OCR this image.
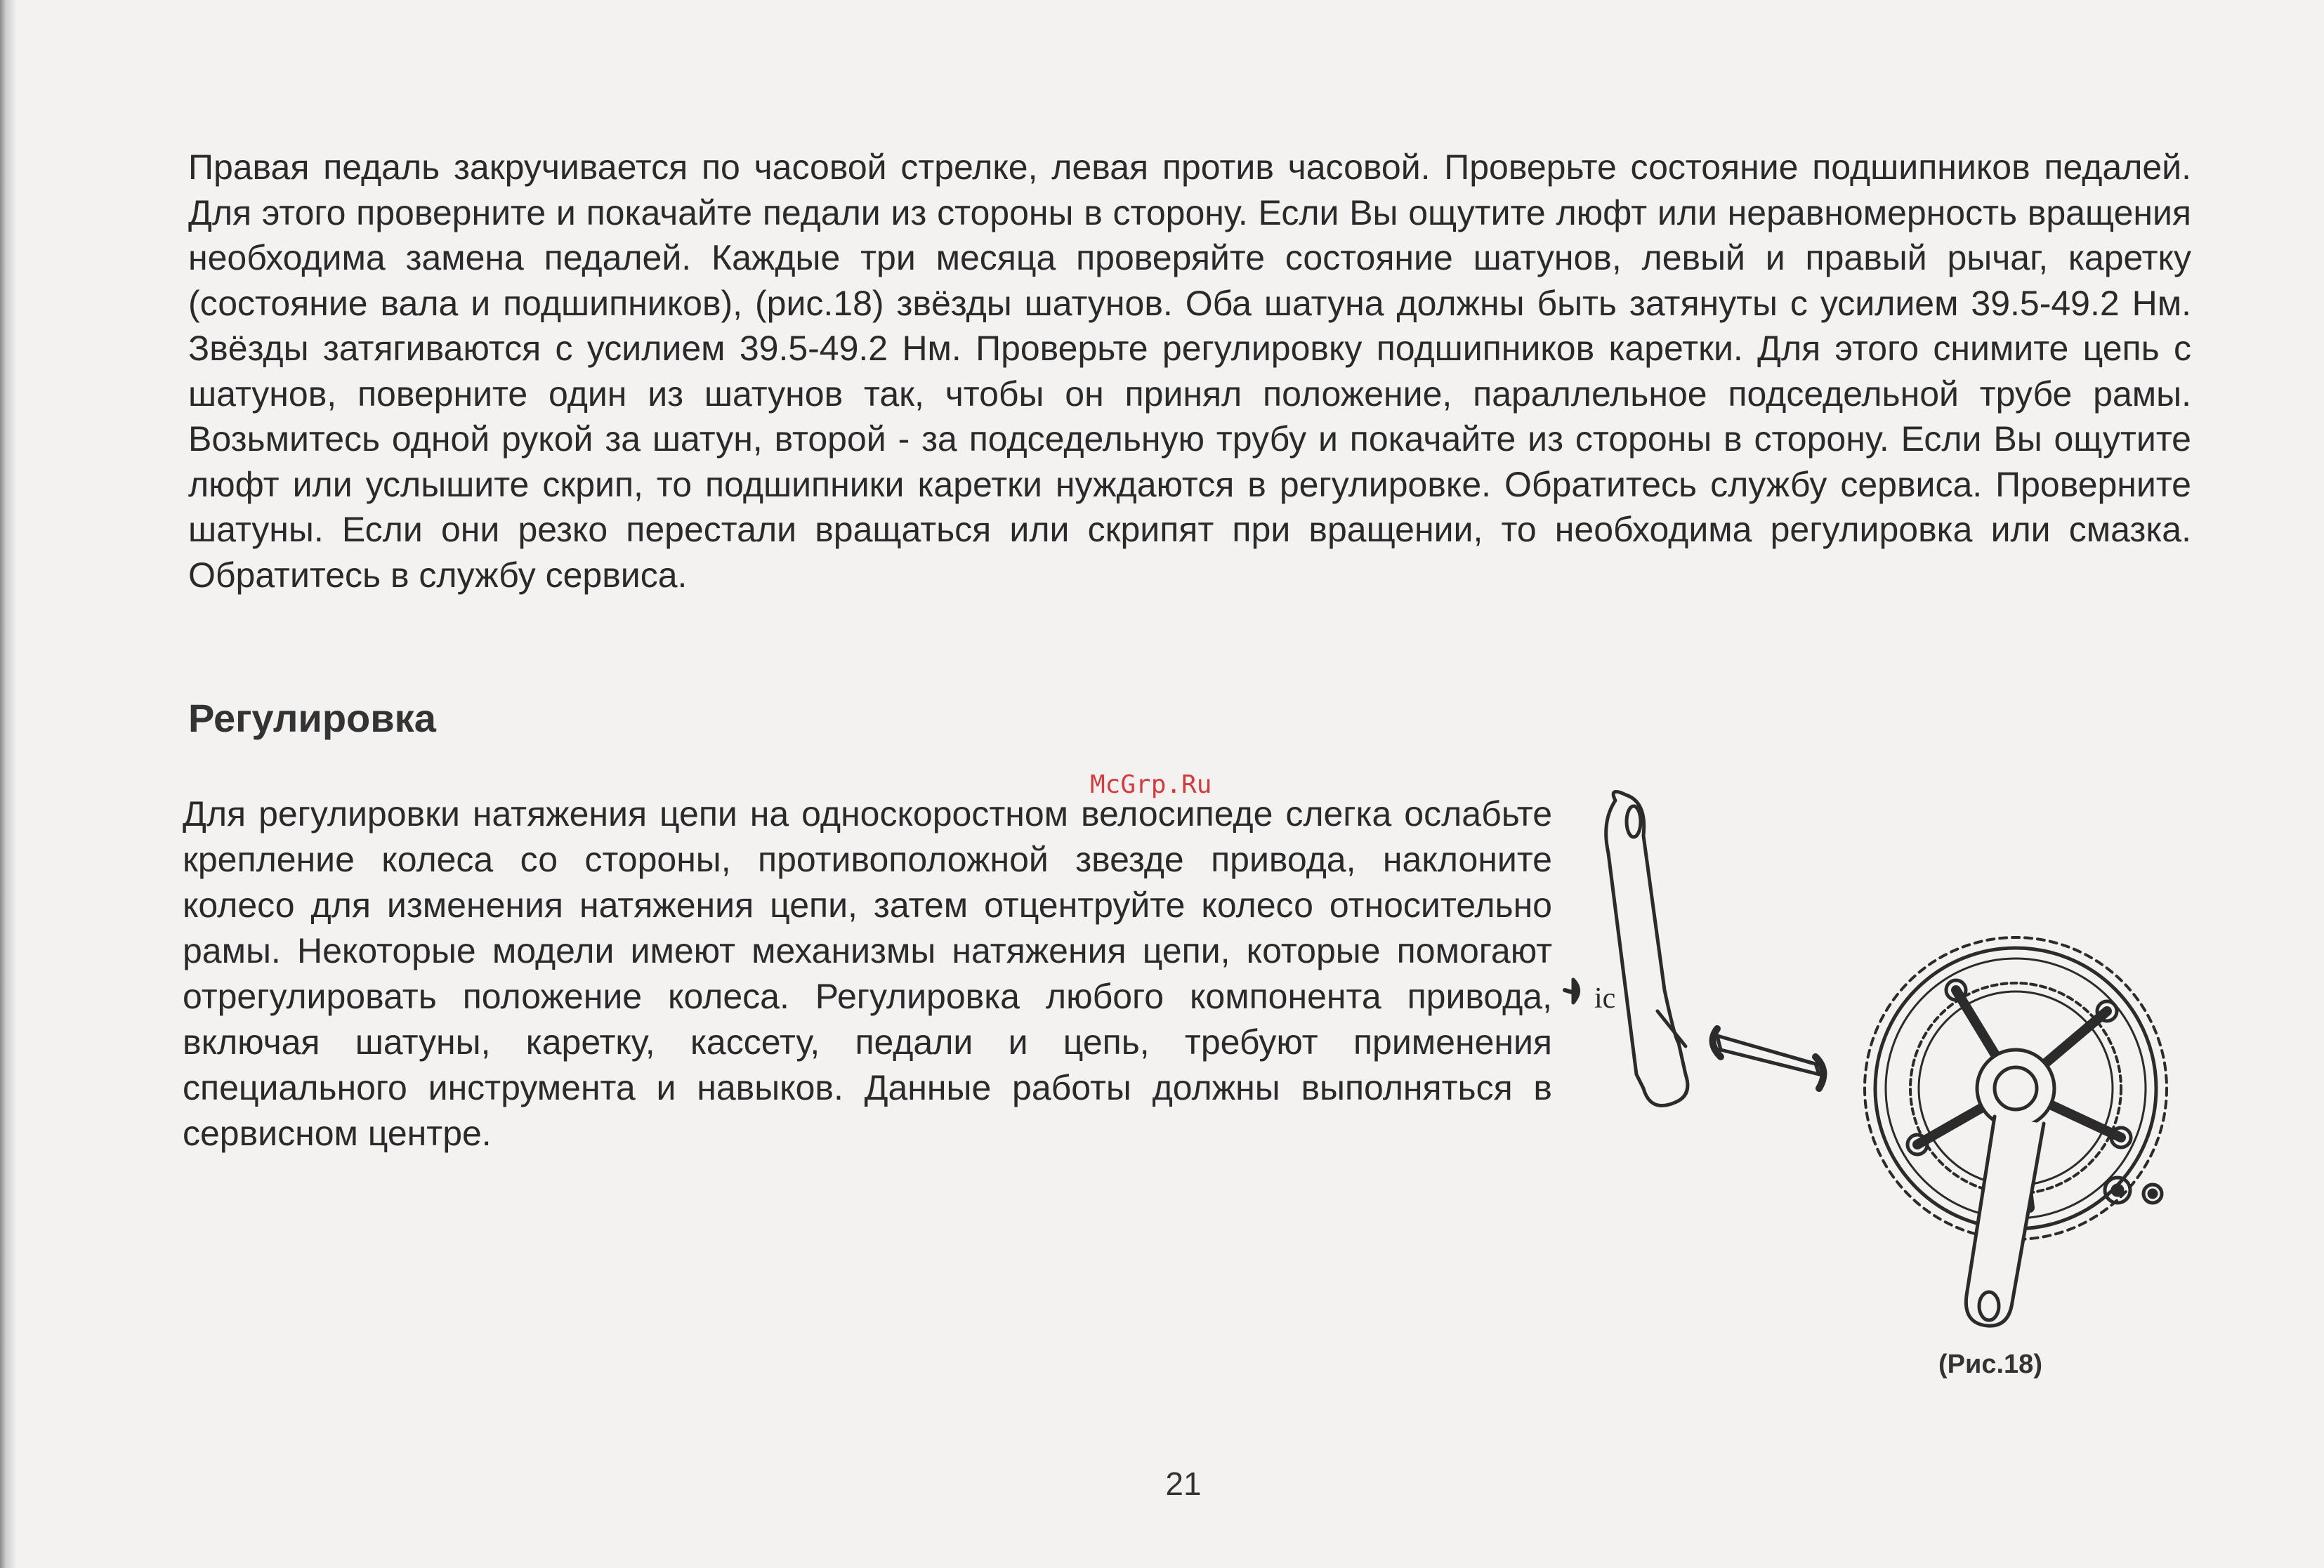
Правая педаль закручивается по часовой стрелке, левая против часовой. Проверьте состояние подшипников педалей. Для этого проверните и покачайте педали из стороны в сторону. Если Вы ощутите люфт или неравномерность вращения необходима замена педалей. Каждые три месяца проверяйте состояние шатунов, левый и правый рычаг, каретку (состояние вала и подшипников), (рис.18) звёзды шатунов. Оба шатуна должны быть затянуты с усилием 39.5-49.2 Нм. Звёзды затягиваются с усилием 39.5-49.2 Нм. Проверьте регулировку подшипников каретки. Для этого снимите цепь с шатунов, поверните один из шатунов так, чтобы он принял положение, параллельное подседельной трубе рамы. Возьмитесь одной рукой за шатун, второй - за подседельную трубу и покачайте из стороны в сторону. Если Вы ощутите люфт или услышите скрип, то подшипники каретки нуждаются в регулировке. Обратитесь службу сервиса. Проверните шатуны. Если они резко перестали вращаться или скрипят при вращении, то необходима регулировка или смазка. Обратитесь в службу сервиса.

Регулировка

McGrp.Ru

Для регулировки натяжения цепи на односкоростном велосипеде слегка ослабьте крепление колеса со стороны, противоположной звезде привода, наклоните колесо для изменения натяжения цепи, затем отцентруйте колесо относительно рамы. Некоторые модели имеют механизмы натяжения цепи, которые помогают отрегулировать положение колеса. Регулировка любого компонента привода, включая шатуны, каретку, кассету, педали и цепь, требуют применения специального инструмента и навыков. Данные работы должны выполняться в сервисном центре.

ic

(Рис.18)

21
